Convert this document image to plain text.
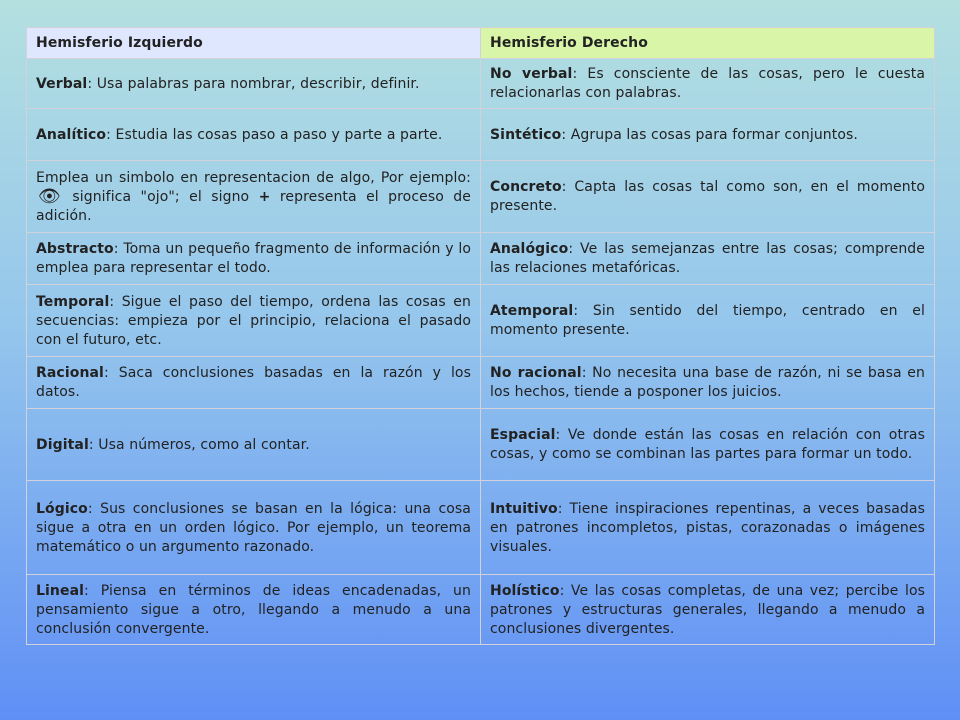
Hemisferio Izquierdo	Hemisferio Derecho
Verbal: Usa palabras para nombrar, describir, definir.	No verbal: Es consciente de las cosas, pero le cuesta relacionarlas con palabras.
Analítico: Estudia las cosas paso a paso y parte a parte.	Sintético: Agrupa las cosas para formar conjuntos.
Emplea un simbolo en representacion de algo, Por ejemplo: 👁 significa "ojo"; el signo + representa el proceso de adición.	Concreto: Capta las cosas tal como son, en el momento presente.
Abstracto: Toma un pequeño fragmento de información y lo emplea para representar el todo.	Analógico: Ve las semejanzas entre las cosas; comprende las relaciones metafóricas.
Temporal: Sigue el paso del tiempo, ordena las cosas en secuencias: empieza por el principio, relaciona el pasado con el futuro, etc.	Atemporal: Sin sentido del tiempo, centrado en el momento presente.
Racional: Saca conclusiones basadas en la razón y los datos.	No racional: No necesita una base de razón, ni se basa en los hechos, tiende a posponer los juicios.
Digital: Usa números, como al contar.	Espacial: Ve donde están las cosas en relación con otras cosas, y como se combinan las partes para formar un todo.
Lógico: Sus conclusiones se basan en la lógica: una cosa sigue a otra en un orden lógico. Por ejemplo, un teorema matemático o un argumento razonado.	Intuitivo: Tiene inspiraciones repentinas, a veces basadas en patrones incompletos, pistas, corazonadas o imágenes visuales.
Lineal: Piensa en términos de ideas encadenadas, un pensamiento sigue a otro, llegando a menudo a una conclusión convergente.	Holístico: Ve las cosas completas, de una vez; percibe los patrones y estructuras generales, llegando a menudo a conclusiones divergentes.
